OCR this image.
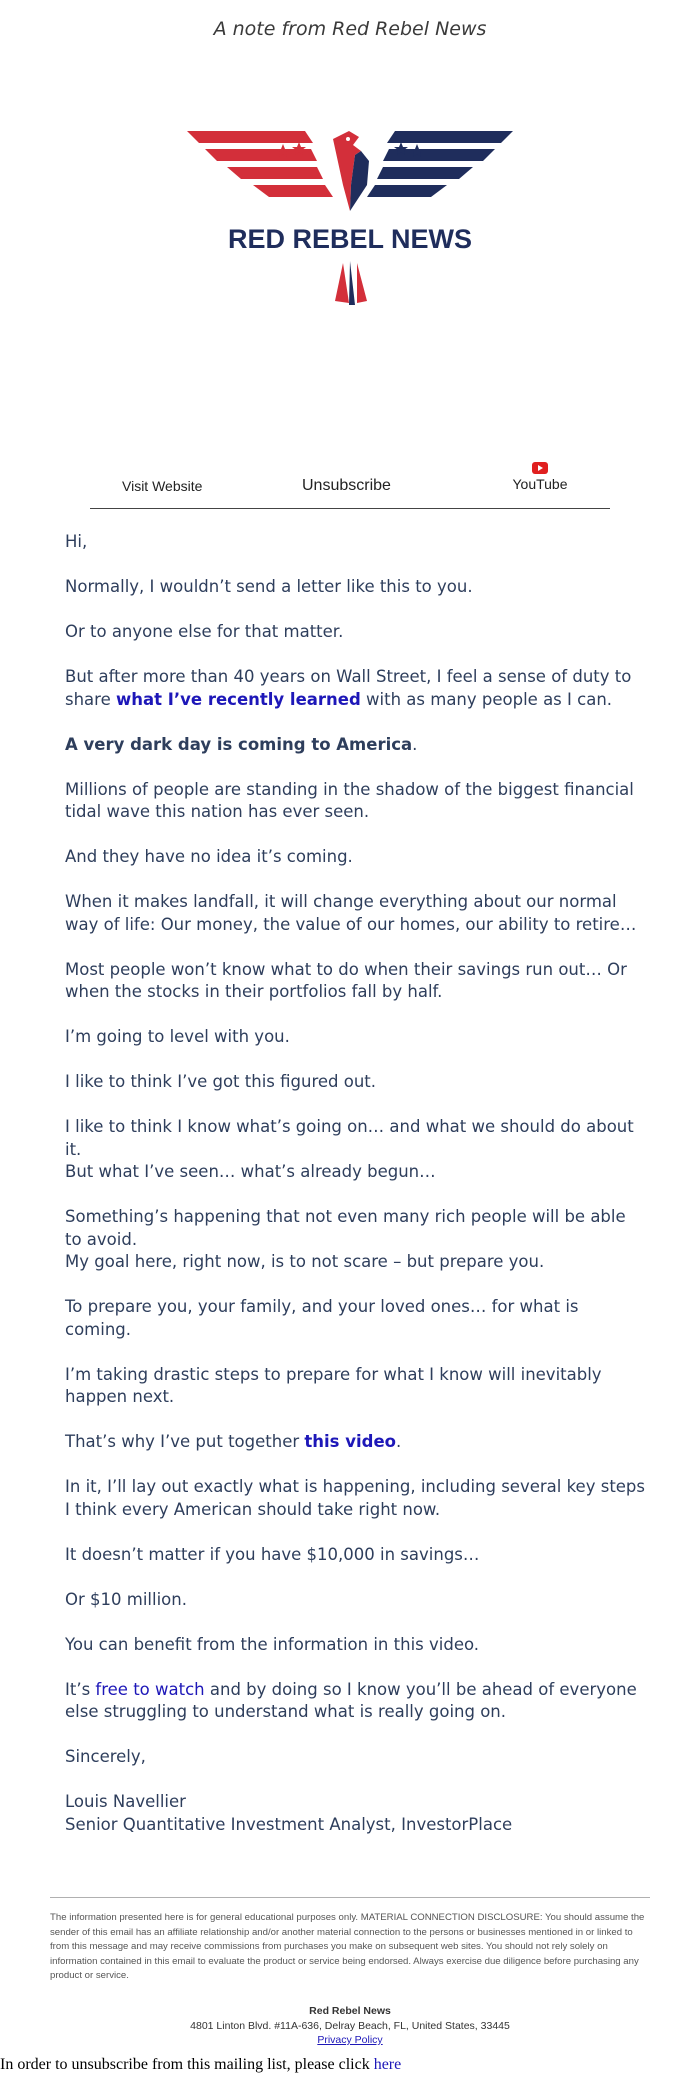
A note from Red Rebel News
RED REBEL NEWS
Visit Website	Unsubscribe	YouTube

Hi,

Normally, I wouldn’t send a letter like this to you.

Or to anyone else for that matter.

But after more than 40 years on Wall Street, I feel a sense of duty to share what I’ve recently learned with as many people as I can.

A very dark day is coming to America.

Millions of people are standing in the shadow of the biggest financial tidal wave this nation has ever seen.

And they have no idea it’s coming.

When it makes landfall, it will change everything about our normal way of life: Our money, the value of our homes, our ability to retire…

Most people won’t know what to do when their savings run out… Or when the stocks in their portfolios fall by half.

I’m going to level with you.

I like to think I’ve got this figured out.

I like to think I know what’s going on… and what we should do about it.
But what I’ve seen… what’s already begun…

Something’s happening that not even many rich people will be able to avoid.
My goal here, right now, is to not scare – but prepare you.

To prepare you, your family, and your loved ones… for what is coming.

I’m taking drastic steps to prepare for what I know will inevitably happen next.

That’s why I’ve put together this video.

In it, I’ll lay out exactly what is happening, including several key steps I think every American should take right now.

It doesn’t matter if you have $10,000 in savings…

Or $10 million.

You can benefit from the information in this video.

It’s free to watch and by doing so I know you’ll be ahead of everyone else struggling to understand what is really going on.

Sincerely,

Louis Navellier
Senior Quantitative Investment Analyst, InvestorPlace

The information presented here is for general educational purposes only. MATERIAL CONNECTION DISCLOSURE: You should assume the sender of this email has an affiliate relationship and/or another material connection to the persons or businesses mentioned in or linked to from this message and may receive commissions from purchases you make on subsequent web sites. You should not rely solely on information contained in this email to evaluate the product or service being endorsed. Always exercise due diligence before purchasing any product or service.
Red Rebel News
4801 Linton Blvd. #11A-636, Delray Beach, FL, United States, 33445
Privacy Policy
In order to unsubscribe from this mailing list, please click here
